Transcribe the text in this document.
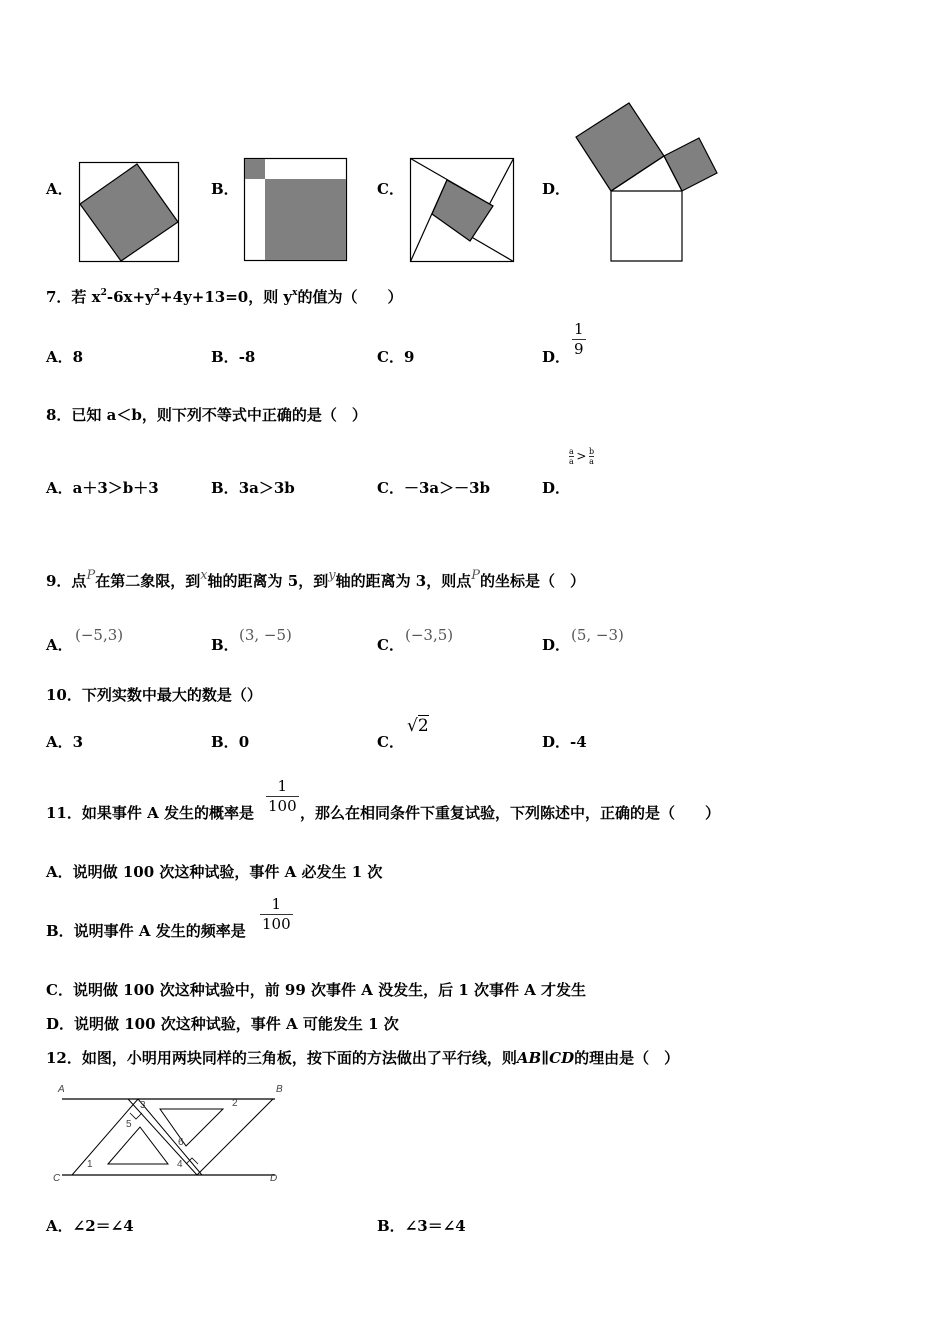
A．	B．	C．	D．
7．若 $x^2-6x+y^2+4y+13=0$，则 $y^x$的值为（　　）
A．8	B．-8	C．9	D． $\frac{1}{9}$
8．已知 a＜b，则下列不等式中正确的是（　）
A．a＋3＞b＋3	B．3a＞3b	C．－3a＞－3b	D．
$\frac{a}{a} > \frac{b}{a}$
9．点P在第二象限，到x轴的距离为 5，到y轴的距离为 3，则点P的坐标是（　）
A．
(−5,3)
B．
(3, −5)
C．
(−3,5)
D．
(5, −3)
10．下列实数中最大的数是（）
A．3	B．0	C．
√2
D．-4
11．如果事件 A 发生的概率是 $\frac{1}{100}$ ，那么在相同条件下重复试验，下列陈述中，正确的是（　　）
A．说明做 100 次这种试验，事件 A 必发生 1 次
B．说明事件 A 发生的频率是 $\frac{1}{100}$
C．说明做 100 次这种试验中，前 99 次事件 A 没发生，后 1 次事件 A 才发生
D．说明做 100 次这种试验，事件 A 可能发生 1 次
12．如图，小明用两块同样的三角板，按下面的方法做出了平行线，则AB∥CD的理由是（　）
A	B
C	D
1
2
3
4
5
6
A．∠2＝∠4	B．∠3＝∠4
